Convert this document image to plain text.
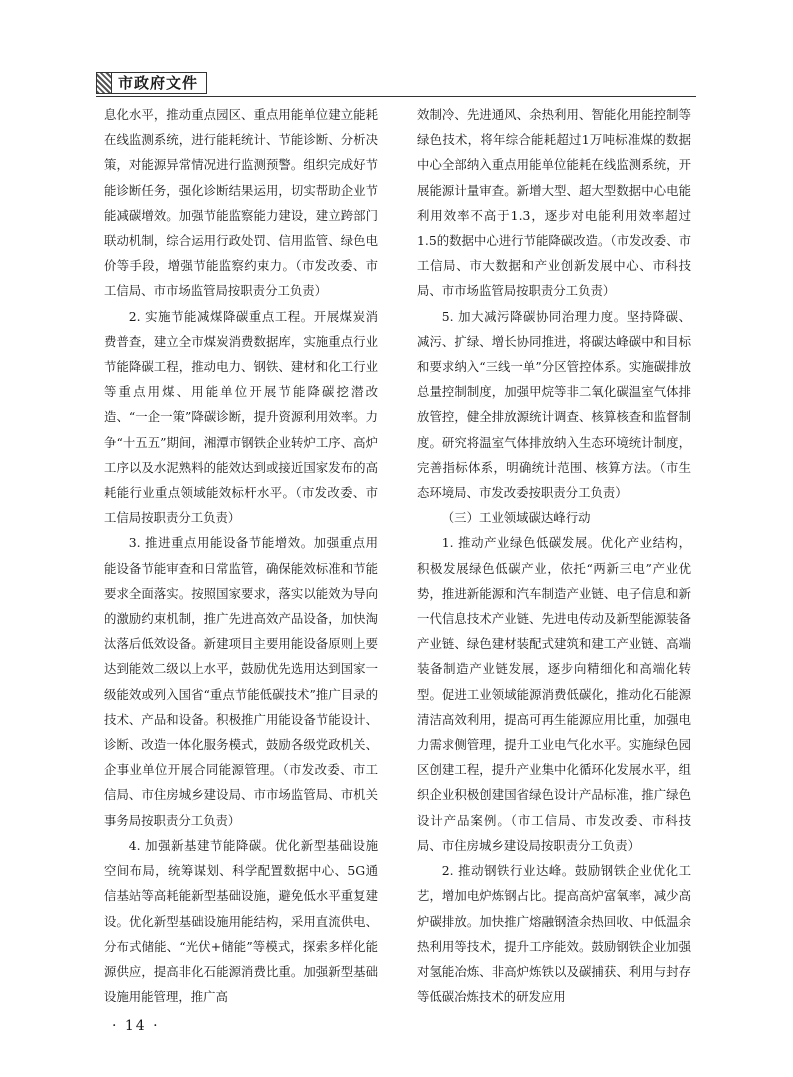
市政府文件

息化水平，推动重点园区、重点用能单位建立能耗在线监测系统，进行能耗统计、节能诊断、分析决策，对能源异常情况进行监测预警。组织完成好节能诊断任务，强化诊断结果运用，切实帮助企业节能减碳增效。加强节能监察能力建设，建立跨部门联动机制，综合运用行政处罚、信用监管、绿色电价等手段，增强节能监察约束力。（市发改委、市工信局、市市场监管局按职责分工负责）

2. 实施节能减煤降碳重点工程。开展煤炭消费普查，建立全市煤炭消费数据库，实施重点行业节能降碳工程，推动电力、钢铁、建材和化工行业等重点用煤、用能单位开展节能降碳挖潜改造、“一企一策”降碳诊断，提升资源利用效率。力争“十五五”期间，湘潭市钢铁企业转炉工序、高炉工序以及水泥熟料的能效达到或接近国家发布的高耗能行业重点领域能效标杆水平。（市发改委、市工信局按职责分工负责）

3. 推进重点用能设备节能增效。加强重点用能设备节能审查和日常监管，确保能效标准和节能要求全面落实。按照国家要求，落实以能效为导向的激励约束机制，推广先进高效产品设备，加快淘汰落后低效设备。新建项目主要用能设备原则上要达到能效二级以上水平，鼓励优先选用达到国家一级能效或列入国省“重点节能低碳技术”推广目录的技术、产品和设备。积极推广用能设备节能设计、诊断、改造一体化服务模式，鼓励各级党政机关、企事业单位开展合同能源管理。（市发改委、市工信局、市住房城乡建设局、市市场监管局、市机关事务局按职责分工负责）

4. 加强新基建节能降碳。优化新型基础设施空间布局，统筹谋划、科学配置数据中心、5G通信基站等高耗能新型基础设施，避免低水平重复建设。优化新型基础设施用能结构，采用直流供电、分布式储能、“光伏+储能”等模式，探索多样化能源供应，提高非化石能源消费比重。加强新型基础设施用能管理，推广高

效制冷、先进通风、余热利用、智能化用能控制等绿色技术，将年综合能耗超过1万吨标准煤的数据中心全部纳入重点用能单位能耗在线监测系统，开展能源计量审查。新增大型、超大型数据中心电能利用效率不高于1.3，逐步对电能利用效率超过1.5的数据中心进行节能降碳改造。（市发改委、市工信局、市大数据和产业创新发展中心、市科技局、市市场监管局按职责分工负责）

5. 加大减污降碳协同治理力度。坚持降碳、减污、扩绿、增长协同推进，将碳达峰碳中和目标和要求纳入“三线一单”分区管控体系。实施碳排放总量控制制度，加强甲烷等非二氧化碳温室气体排放管控，健全排放源统计调查、核算核查和监督制度。研究将温室气体排放纳入生态环境统计制度，完善指标体系，明确统计范围、核算方法。（市生态环境局、市发改委按职责分工负责）

（三）工业领域碳达峰行动

1. 推动产业绿色低碳发展。优化产业结构，积极发展绿色低碳产业，依托“两新三电”产业优势，推进新能源和汽车制造产业链、电子信息和新一代信息技术产业链、先进电传动及新型能源装备产业链、绿色建材装配式建筑和建工产业链、高端装备制造产业链发展，逐步向精细化和高端化转型。促进工业领域能源消费低碳化，推动化石能源清洁高效利用，提高可再生能源应用比重，加强电力需求侧管理，提升工业电气化水平。实施绿色园区创建工程，提升产业集中化循环化发展水平，组织企业积极创建国省绿色设计产品标准，推广绿色设计产品案例。（市工信局、市发改委、市科技局、市住房城乡建设局按职责分工负责）

2. 推动钢铁行业达峰。鼓励钢铁企业优化工艺，增加电炉炼钢占比。提高高炉富氧率，减少高炉碳排放。加快推广熔融钢渣余热回收、中低温余热利用等技术，提升工序能效。鼓励钢铁企业加强对氢能冶炼、非高炉炼铁以及碳捕获、利用与封存等低碳冶炼技术的研发应用

· 14 ·
